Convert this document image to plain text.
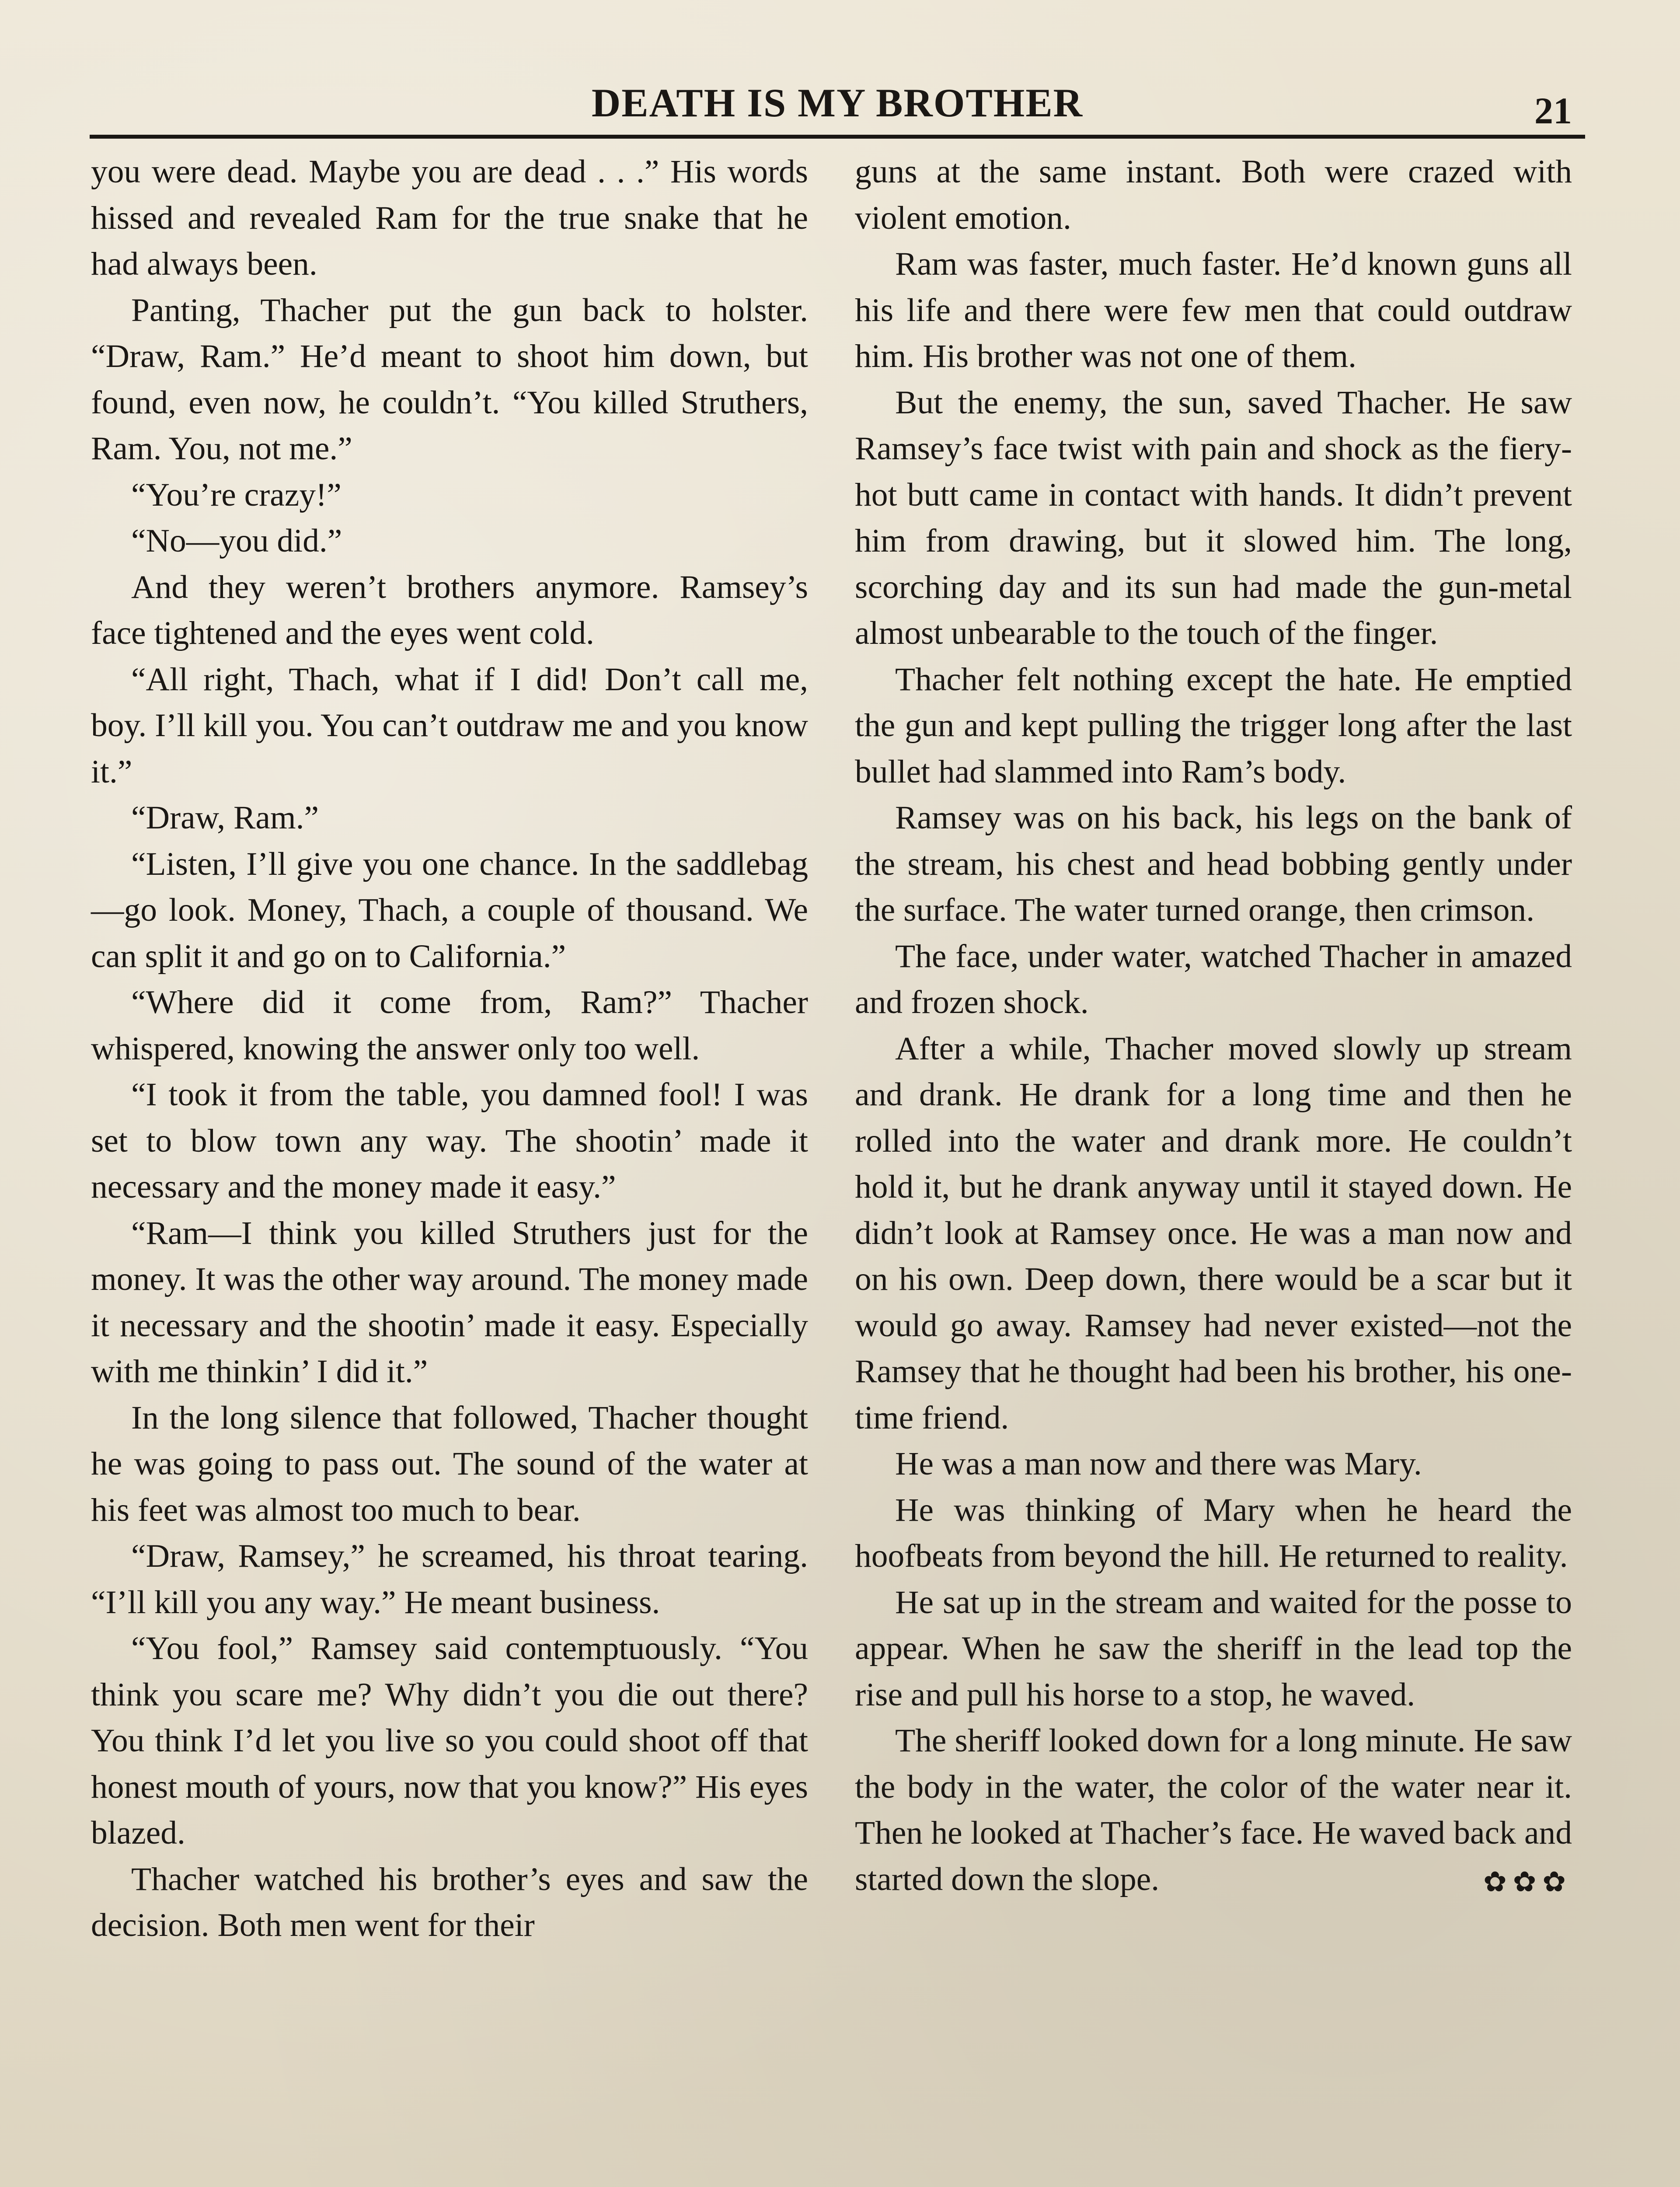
DEATH IS MY BROTHER	21

you were dead. Maybe you are dead . . .” His words hissed and revealed Ram for the true snake that he had always been.

Panting, Thacher put the gun back to holster. “Draw, Ram.” He’d meant to shoot him down, but found, even now, he couldn’t. “You killed Struthers, Ram. You, not me.”

“You’re crazy!”

“No—you did.”

And they weren’t brothers anymore. Ramsey’s face tightened and the eyes went cold.

“All right, Thach, what if I did! Don’t call me, boy. I’ll kill you. You can’t outdraw me and you know it.”

“Draw, Ram.”

“Listen, I’ll give you one chance. In the saddlebag—go look. Money, Thach, a couple of thousand. We can split it and go on to California.”

“Where did it come from, Ram?” Thacher whispered, knowing the answer only too well.

“I took it from the table, you damned fool! I was set to blow town any way. The shootin’ made it necessary and the money made it easy.”

“Ram—I think you killed Struthers just for the money. It was the other way around. The money made it necessary and the shootin’ made it easy. Especially with me thinkin’ I did it.”

In the long silence that followed, Thacher thought he was going to pass out. The sound of the water at his feet was almost too much to bear.

“Draw, Ramsey,” he screamed, his throat tearing. “I’ll kill you any way.” He meant business.

“You fool,” Ramsey said contemptuously. “You think you scare me? Why didn’t you die out there? You think I’d let you live so you could shoot off that honest mouth of yours, now that you know?” His eyes blazed.

Thacher watched his brother’s eyes and saw the decision. Both men went for their

guns at the same instant. Both were crazed with violent emotion.

Ram was faster, much faster. He’d known guns all his life and there were few men that could outdraw him. His brother was not one of them.

But the enemy, the sun, saved Thacher. He saw Ramsey’s face twist with pain and shock as the fiery-hot butt came in contact with hands. It didn’t prevent him from drawing, but it slowed him. The long, scorching day and its sun had made the gun-metal almost unbearable to the touch of the finger.

Thacher felt nothing except the hate. He emptied the gun and kept pulling the trigger long after the last bullet had slammed into Ram’s body.

Ramsey was on his back, his legs on the bank of the stream, his chest and head bobbing gently under the surface. The water turned orange, then crimson.

The face, under water, watched Thacher in amazed and frozen shock.

After a while, Thacher moved slowly up stream and drank. He drank for a long time and then he rolled into the water and drank more. He couldn’t hold it, but he drank anyway until it stayed down. He didn’t look at Ramsey once. He was a man now and on his own. Deep down, there would be a scar but it would go away. Ramsey had never existed—not the Ramsey that he thought had been his brother, his one-time friend.

He was a man now and there was Mary.

He was thinking of Mary when he heard the hoofbeats from beyond the hill. He returned to reality.

He sat up in the stream and waited for the posse to appear. When he saw the sheriff in the lead top the rise and pull his horse to a stop, he waved.

The sheriff looked down for a long minute. He saw the body in the water, the color of the water near it. Then he looked at Thacher’s face. He waved back and started down the slope.	✿✿✿
